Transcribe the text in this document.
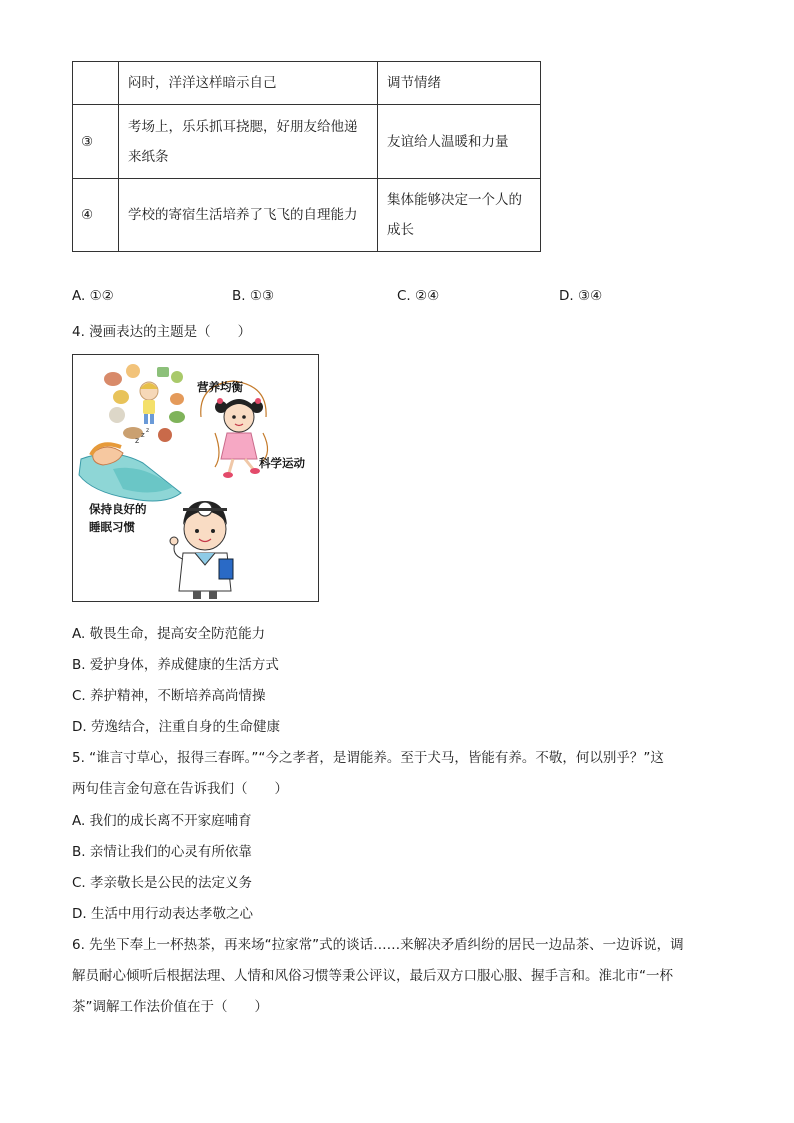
	闷时，洋洋这样暗示自己	调节情绪
③	考场上，乐乐抓耳挠腮，好朋友给他递
来纸条	友谊给人温暖和力量
④	学校的寄宿生活培养了飞飞的自理能力	集体能够决定一个人的
成长
A. ①②	B. ①③	C. ②④	D. ③④
4. 漫画表达的主题是（　　）
z
z
z
营养均衡
科学运动
保持良好的
睡眠习惯
A. 敬畏生命，提高安全防范能力
B. 爱护身体，养成健康的生活方式
C. 养护精神，不断培养高尚情操
D. 劳逸结合，注重自身的生命健康
5. “谁言寸草心，报得三春晖。”“今之孝者，是谓能养。至于犬马，皆能有养。不敬，何以别乎？”这
两句佳言金句意在告诉我们（　　）
A. 我们的成长离不开家庭哺育
B. 亲情让我们的心灵有所依靠
C. 孝亲敬长是公民的法定义务
D. 生活中用行动表达孝敬之心
6. 先坐下奉上一杯热茶，再来场“拉家常”式的谈话……来解决矛盾纠纷的居民一边品茶、一边诉说，调
解员耐心倾听后根据法理、人情和风俗习惯等秉公评议，最后双方口服心服、握手言和。淮北市“一杯
茶”调解工作法价值在于（　　）
